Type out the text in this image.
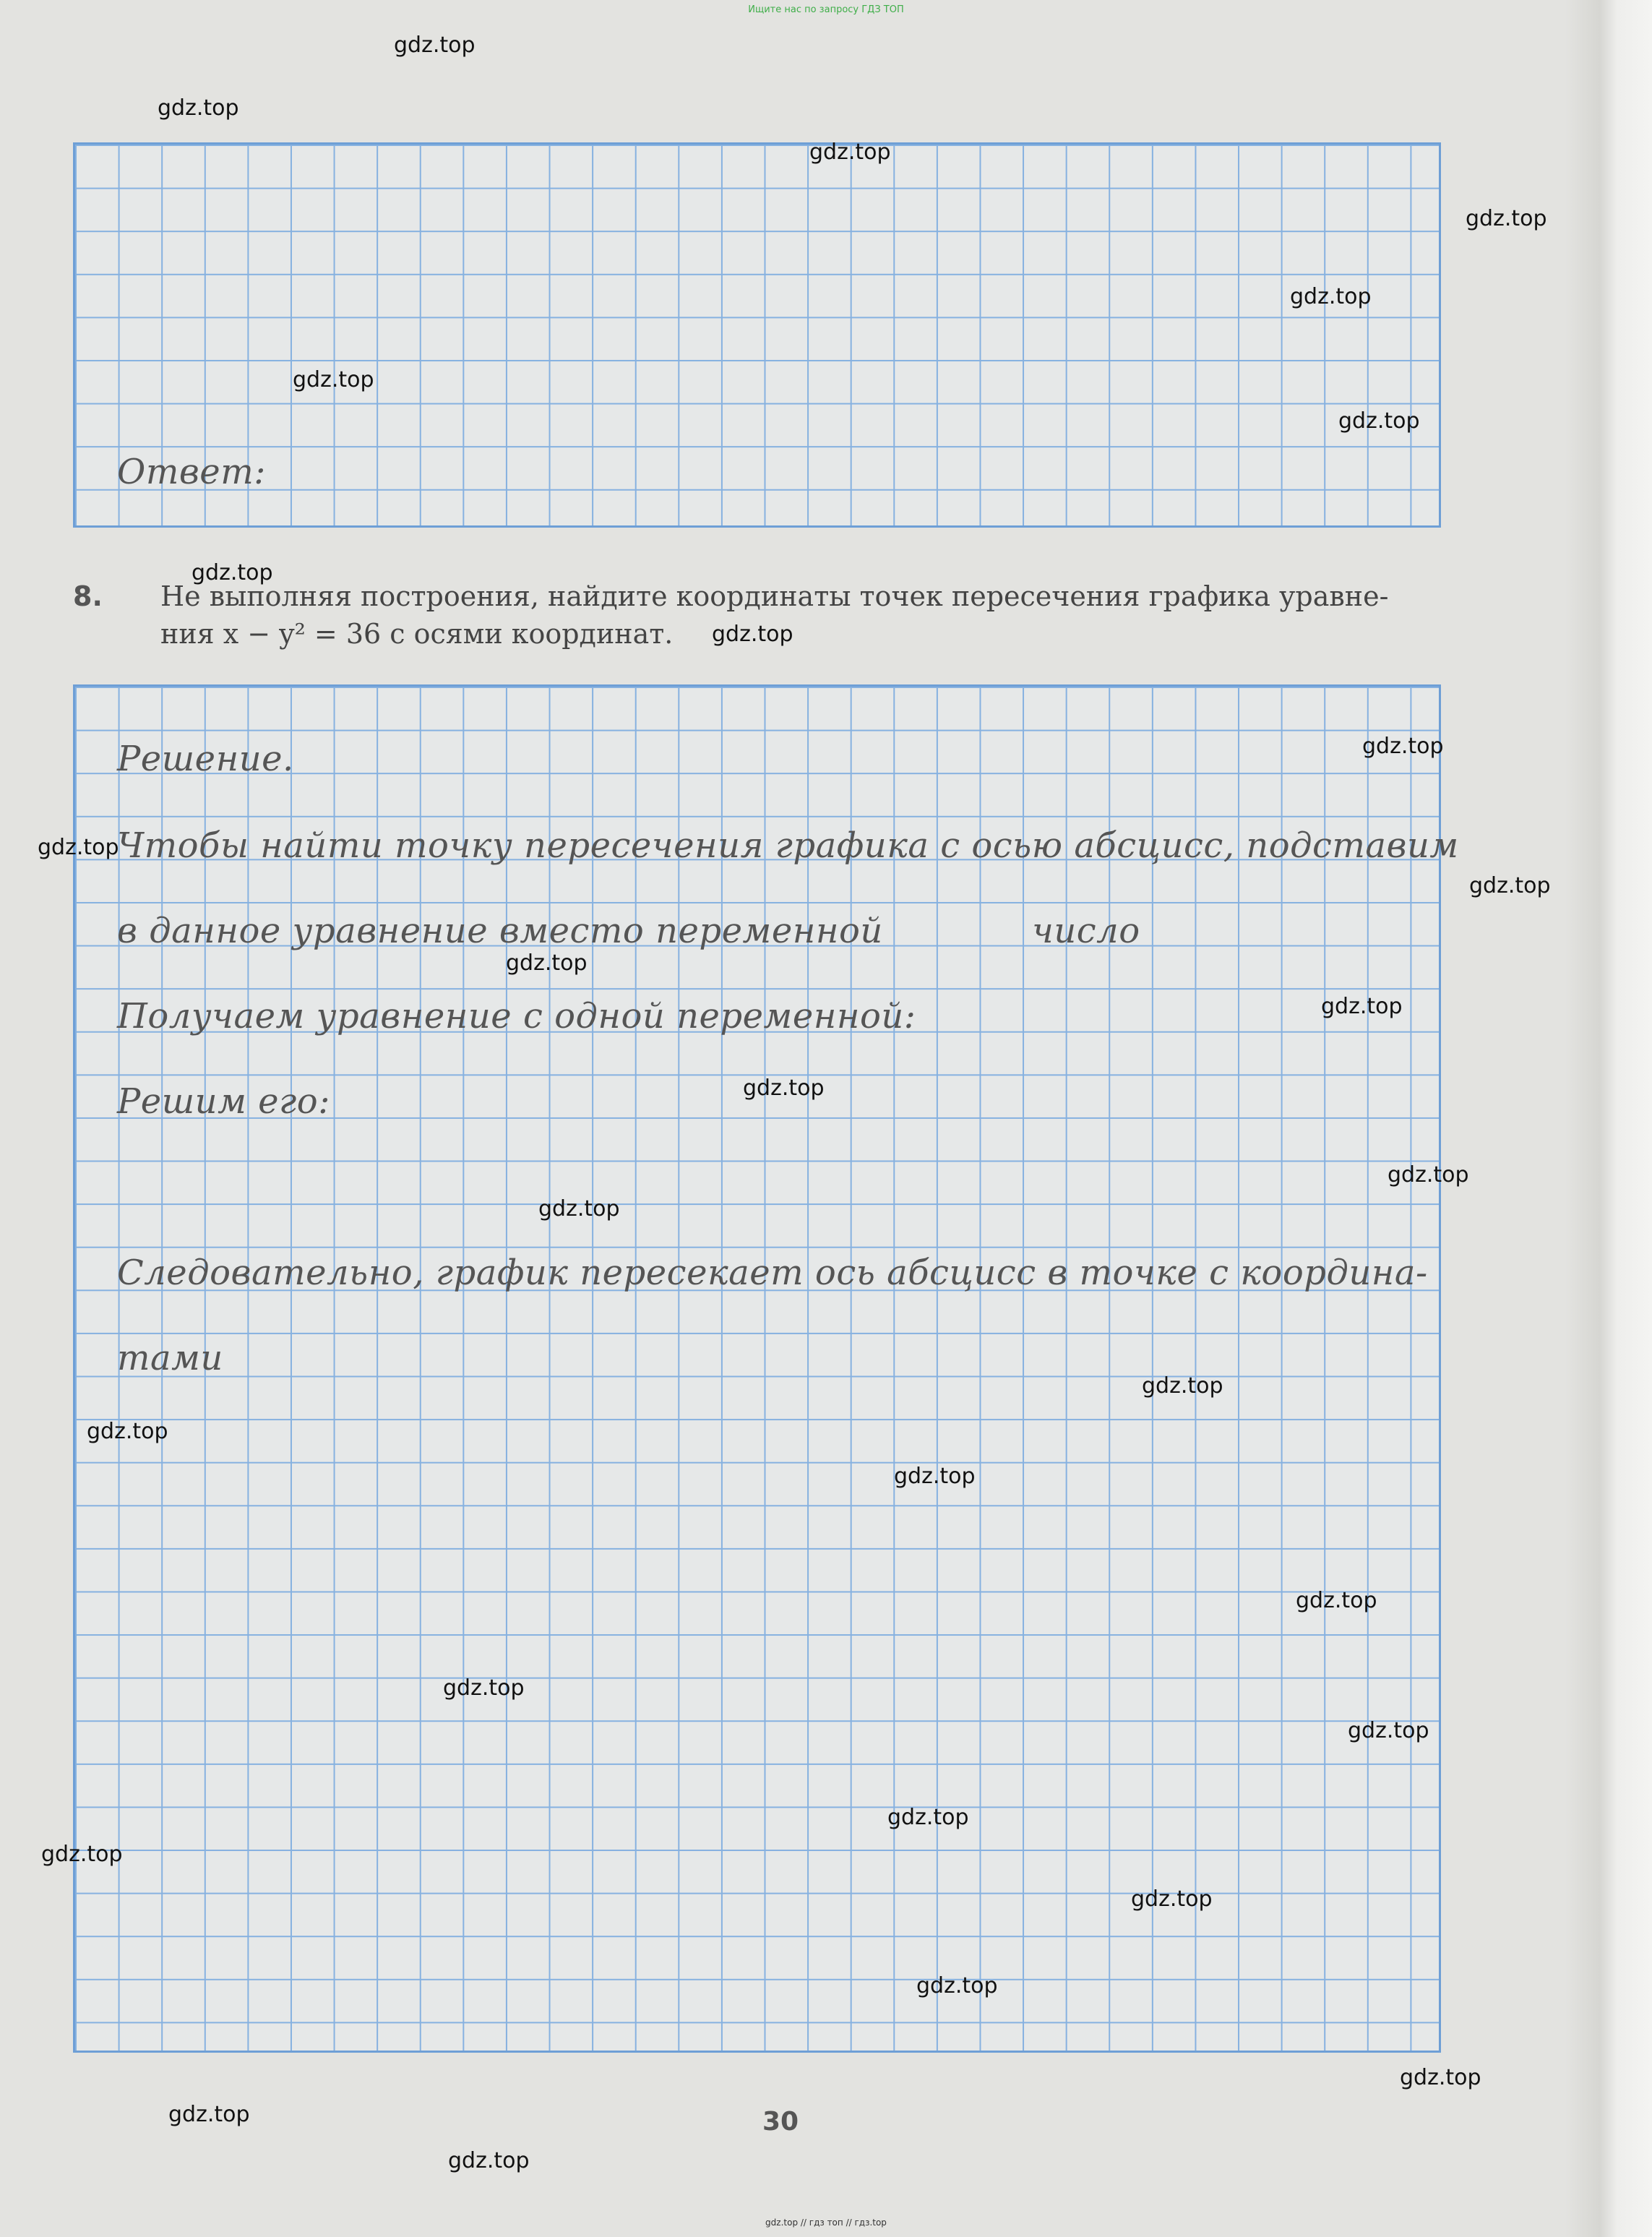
Ищите нас по запросу ГДЗ ТОП
Ответ:
8. Не выполняя построения, найдите координаты точек пересечения графика уравне-
ния x − y² = 36 с осями координат.
Решение.
Чтобы найти точку пересечения графика с осью абсцисс, подставим
в данное уравнение вместо переменной	число
Получаем уравнение с одной переменной:
Решим его:
Следовательно, график пересекает ось абсцисс в точке с координа-
тами
30
gdz.top
gdz.top
gdz.top
gdz.top
gdz.top
gdz.top
gdz.top
gdz.top
gdz.top
gdz.top
gdz.top
gdz.top
gdz.top
gdz.top
gdz.top
gdz.top
gdz.top
gdz.top
gdz.top
gdz.top
gdz.top
gdz.top
gdz.top
gdz.top
gdz.top
gdz.top
gdz.top
gdz.top
gdz.top
gdz.top
gdz.top // гдз топ // гдз.top
